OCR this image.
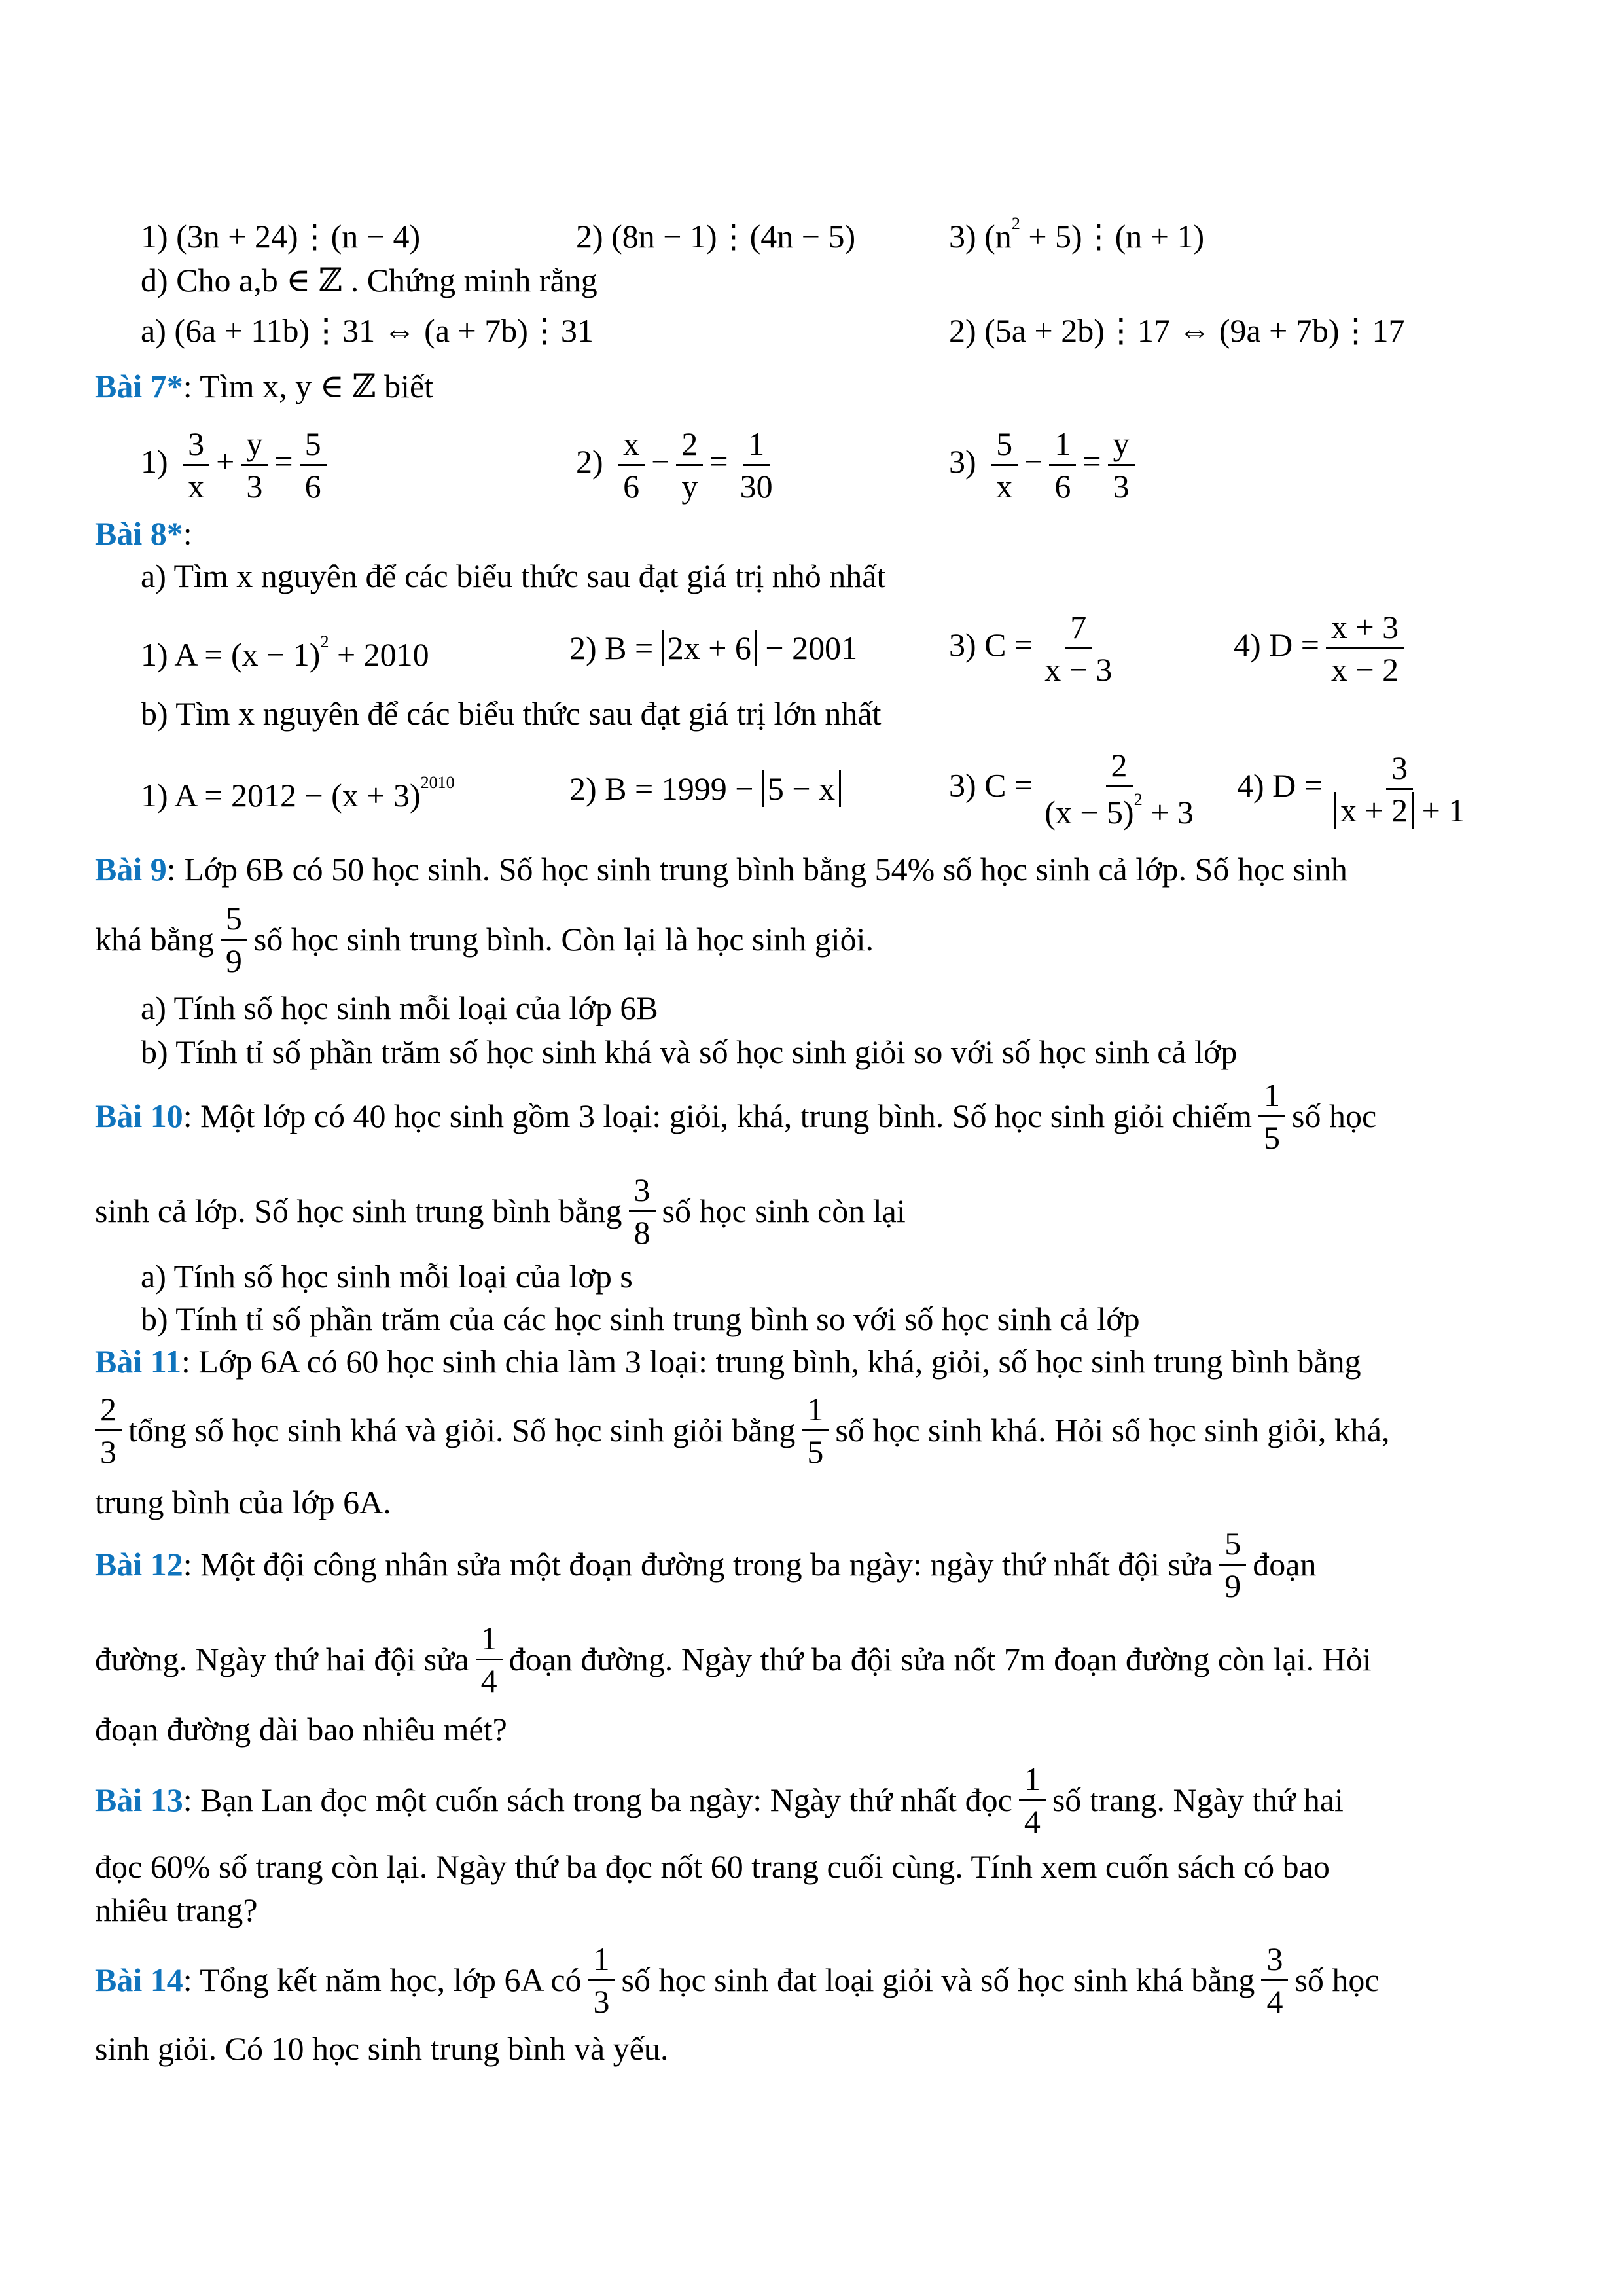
1) (3n + 24)⋮(n − 4)	2) (8n − 1)⋮(4n − 5)	3) ($n^2$ + 5)⋮(n + 1)
d) Cho a,b ∈ ℤ . Chứng minh rằng
a) (6a + 11b)⋮31 ⇔ (a + 7b)⋮31	2) (5a + 2b)⋮17 ⇔ (9a + 7b)⋮17
Bài 7*: Tìm x, y ∈ ℤ biết
$1) \frac{3}{x} + \frac{y}{3} = \frac{5}{6}$	$2) \frac{x}{6} - \frac{2}{y} = \frac{1}{30}$	$3) \frac{5}{x} - \frac{1}{6} = \frac{y}{3}$
Bài 8*:
a) Tìm x nguyên để các biểu thức sau đạt giá trị nhỏ nhất
1) $A = (x - 1)^2 + 2010$	2) B = 2x + 6 − 2001	3) $C = \frac{7}{x - 3}$	4) $D = \frac{x + 3}{x - 2}$
b) Tìm x nguyên để các biểu thức sau đạt giá trị lớn nhất
1) $A = 2012 - (x + 3)^{2010}$	2) B = 1999 − 5 − x	3) $C = \frac{2}{(x - 5)^2 + 3} 4$) $D = \frac{3}{x + 2 + 1}$
Bài 9: Lớp 6B có 50 học sinh. Số học sinh trung bình bằng 54% số học sinh cả lớp. Số học sinh
khá bằng
5
9
số học sinh trung bình. Còn lại là học sinh giỏi.
a) Tính số học sinh mỗi loại của lớp 6B
b) Tính tỉ số phần trăm số học sinh khá và số học sinh giỏi so với số học sinh cả lớp
Bài 10 : Một lớp có 40 học sinh gồm 3 loại: giỏi, khá, trung bình. Số học sinh giỏi chiếm
1
5
số học
sinh cả lớp. Số học sinh trung bình bằng
3
8
số học sinh còn lại
a) Tính số học sinh mỗi loại của lơp s
b) Tính tỉ số phần trăm của các học sinh trung bình so với số học sinh cả lớp
Bài 11: Lớp 6A có 60 học sinh chia làm 3 loại: trung bình, khá, giỏi, số học sinh trung bình bằng
2
3
tổng số học sinh khá và giỏi. Số học sinh giỏi bằng
1
5
số học sinh khá. Hỏi số học sinh giỏi, khá,
trung bình của lớp 6A.
Bài 12 : Một đội công nhân sửa một đoạn đường trong ba ngày: ngày thứ nhất đội sửa
5
9
đoạn
đường. Ngày thứ hai đội sửa
1
4
đoạn đường. Ngày thứ ba đội sửa nốt 7m đoạn đường còn lại. Hỏi
đoạn đường dài bao nhiêu mét?
Bài 13 : Bạn Lan đọc một cuốn sách trong ba ngày: Ngày thứ nhất đọc
1
4
số trang. Ngày thứ hai
đọc 60% số trang còn lại. Ngày thứ ba đọc nốt 60 trang cuối cùng. Tính xem cuốn sách có bao
nhiêu trang?
Bài 14 : Tổng kết năm học, lớp 6A có
1
3
số học sinh đat loại giỏi và số học sinh khá bằng
3
4
số học
sinh giỏi. Có 10 học sinh trung bình và yếu.
